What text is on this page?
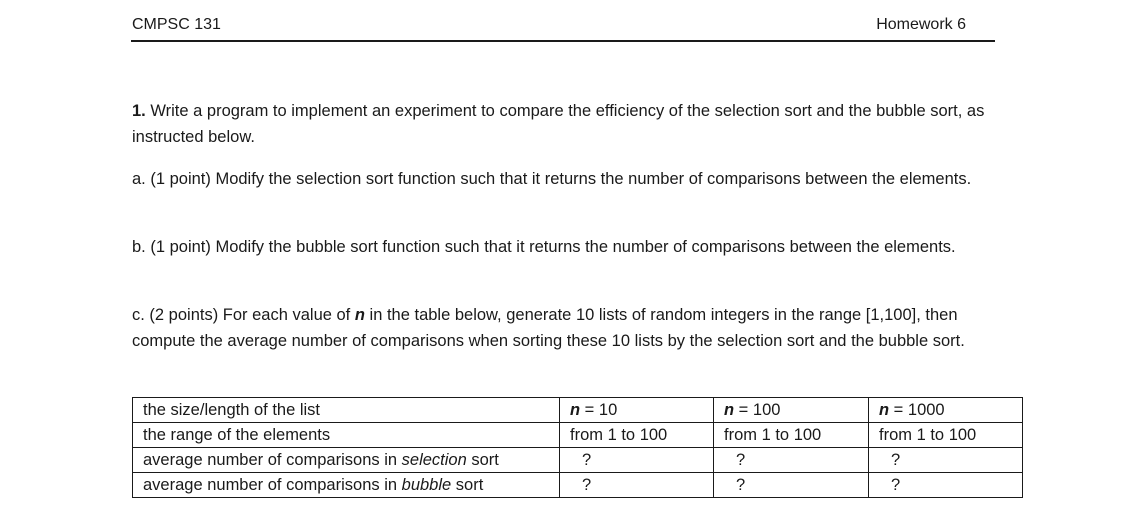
CMPSC 131	Homework 6
1. Write a program to implement an experiment to compare the efficiency of the selection sort and the bubble sort, as instructed below.
a. (1 point) Modify the selection sort function such that it returns the number of comparisons between the elements.
b. (1 point) Modify the bubble sort function such that it returns the number of comparisons between the elements.
c. (2 points) For each value of n in the table below, generate 10 lists of random integers in the range [1,100], then compute the average number of comparisons when sorting these 10 lists by the selection sort and the bubble sort.
the size/length of the list	n = 10	n = 100	n = 1000
the range of the elements	from 1 to 100	from 1 to 100	from 1 to 100
average number of comparisons in selection sort	?	?	?
average number of comparisons in bubble sort	?	?	?
